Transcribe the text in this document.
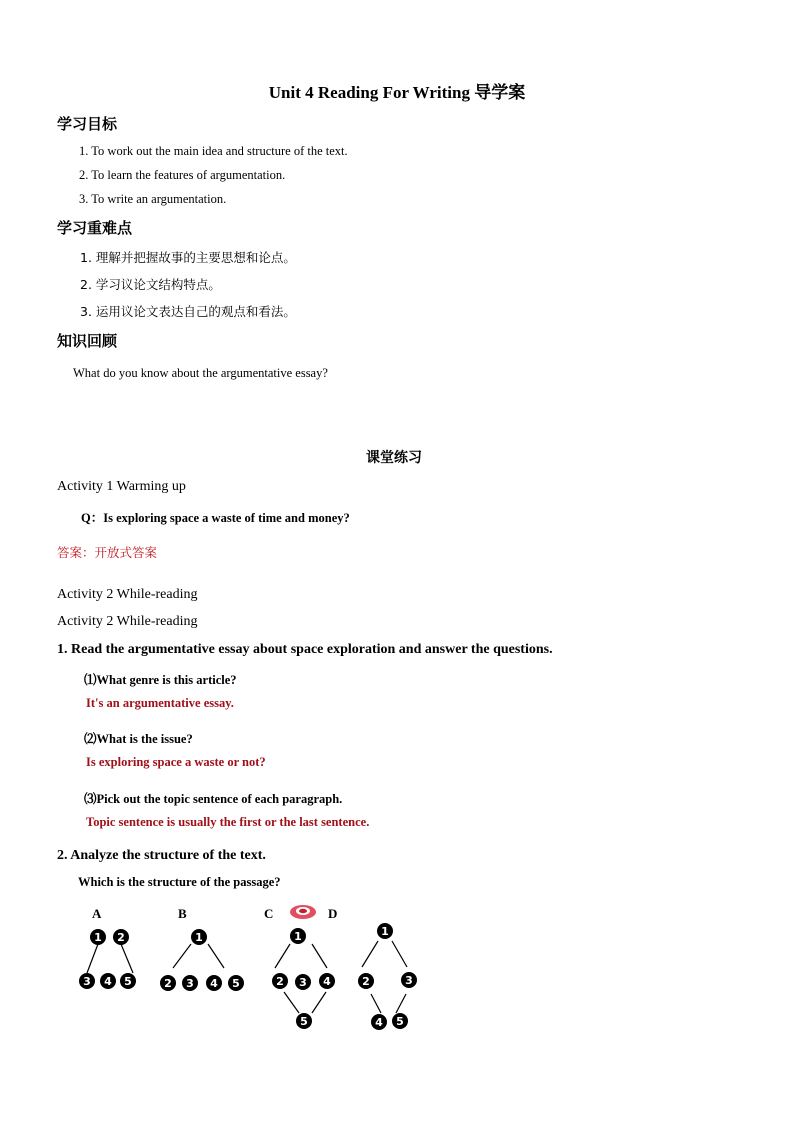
Unit 4 Reading For Writing 导学案
学习目标
1. To work out the main idea and structure of the text.
2. To learn the features of argumentation.
3. To write an argumentation.
学习重难点
1. 理解并把握故事的主要思想和论点。
2. 学习议论文结构特点。
3. 运用议论文表达自己的观点和看法。
知识回顾
What do you know about the argumentative essay?
课堂练习
Activity 1 Warming up
Q：Is exploring space a waste of time and money?
答案：开放式答案
Activity 2 While-reading
Activity 2 While-reading
1. Read the argumentative essay about space exploration and answer the questions.
⑴What genre is this article?
It's an argumentative essay.
⑵What is the issue?
Is exploring space a waste or not?
⑶Pick out the topic sentence of each paragraph.
Topic sentence is usually the first or the last sentence.
2. Analyze the structure of the text.
Which is the structure of the passage?
A	B	C	D
1 2
3 4 5
1
2 3 4 5
1
2 3 4
5
1
2	3
4 5
